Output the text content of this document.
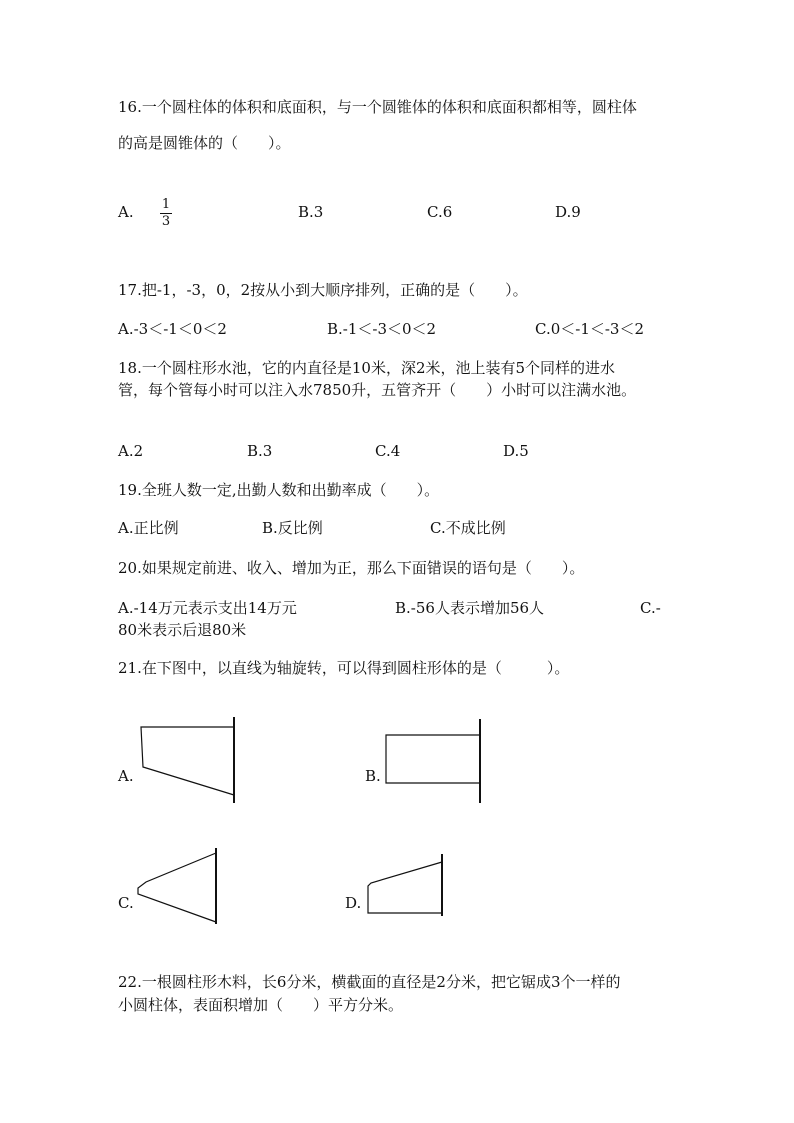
16.一个圆柱体的体积和底面积，与一个圆锥体的体积和底面积都相等，圆柱体
的高是圆锥体的（　　）。
A. 1
3
B.3	C.6	D.9
17.把-1，-3，0，2按从小到大顺序排列，正确的是（　　）。
A.-3＜-1＜0＜2	B.-1＜-3＜0＜2	C.0＜-1＜-3＜2
18.一个圆柱形水池，它的内直径是10米，深2米，池上装有5个同样的进水
管，每个管每小时可以注入水7850升，五管齐开（　　）小时可以注满水池。
A.2	B.3	C.4	D.5
19.全班人数一定,出勤人数和出勤率成（　　）。
A.正比例	B.反比例	C.不成比例
20.如果规定前进、收入、增加为正，那么下面错误的语句是（　　）。
A.-14万元表示支出14万元	B.-56人表示增加56人	C.-
80米表示后退80米
21.在下图中，以直线为轴旋转，可以得到圆柱形体的是（　　　）。
A.	B.
C.	D.
22.一根圆柱形木料，长6分米，横截面的直径是2分米，把它锯成3个一样的
小圆柱体，表面积增加（　　）平方分米。
